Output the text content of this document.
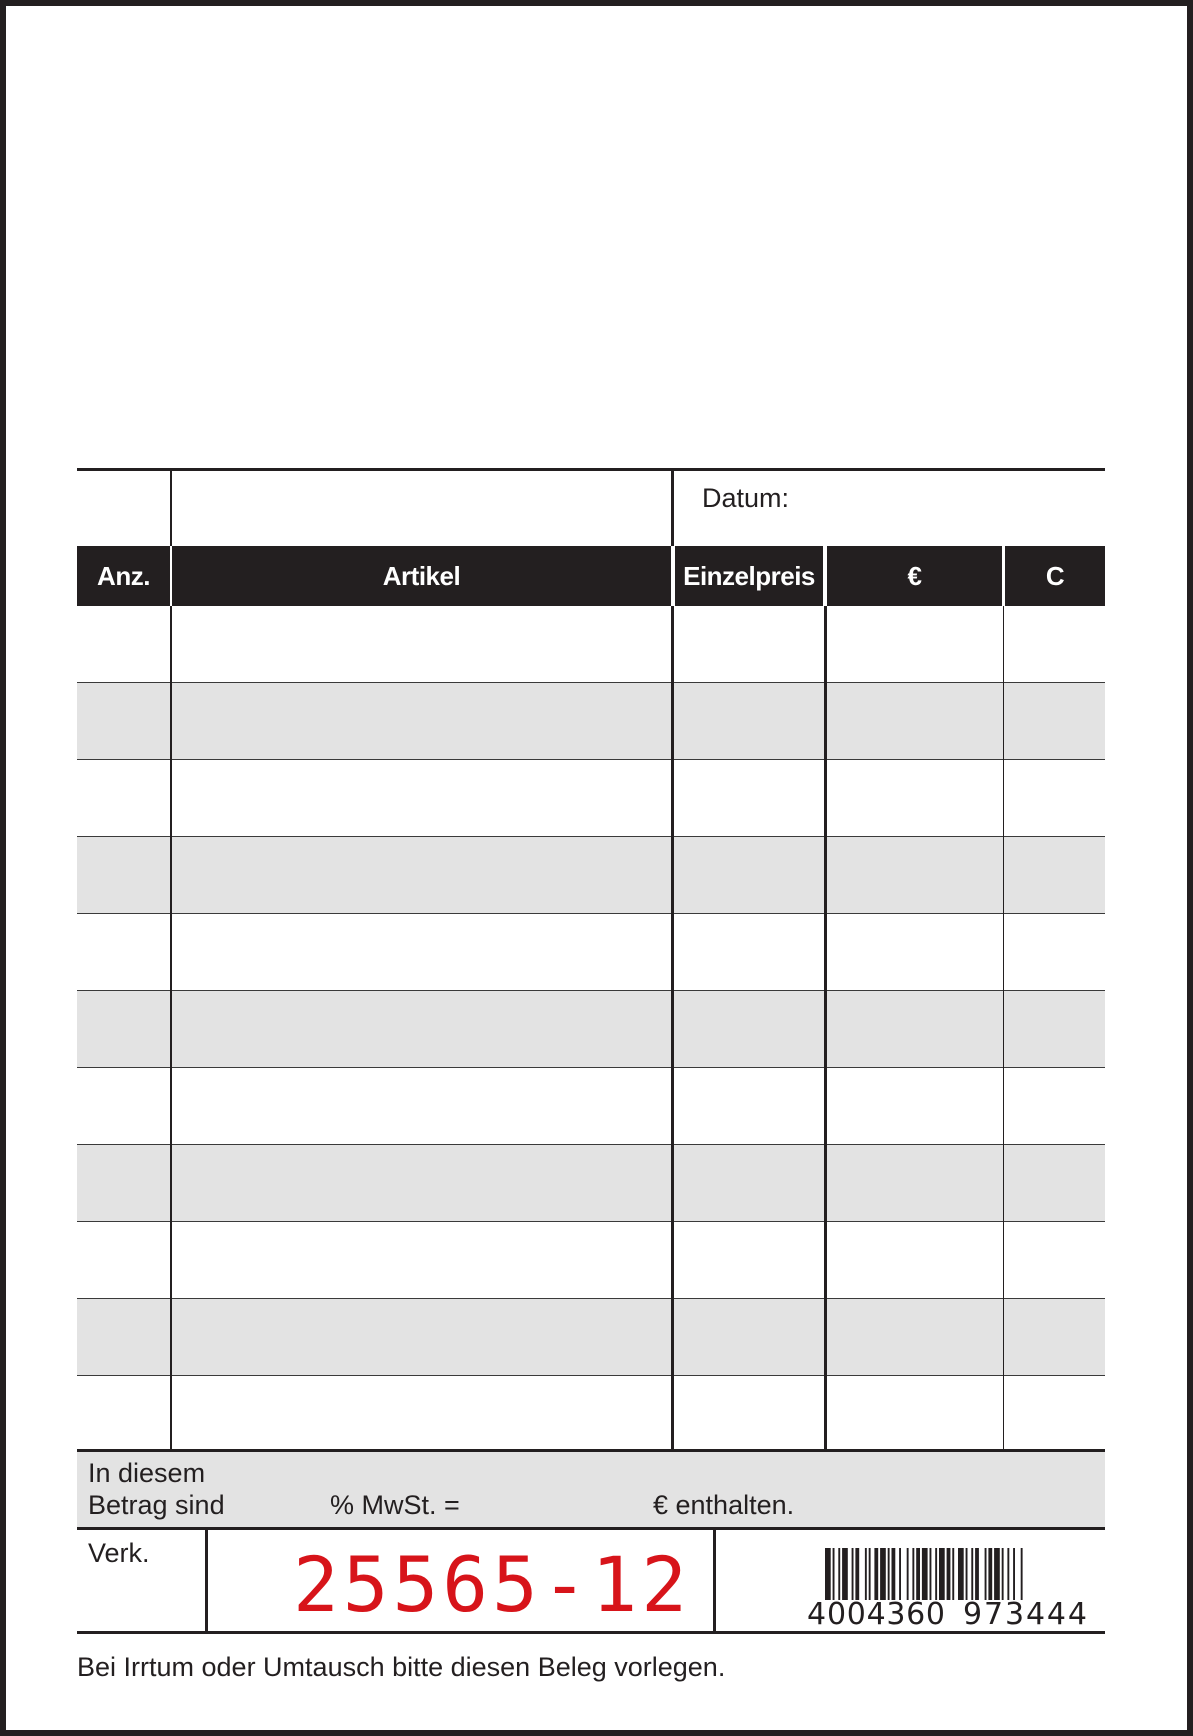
Datum:
Anz.	Artikel	Einzelpreis	€	C
In diesem
Betrag sind	% MwSt. =	€ enthalten.
Verk. 25565-12	4 004360 973444
Bei Irrtum oder Umtausch bitte diesen Beleg vorlegen.
